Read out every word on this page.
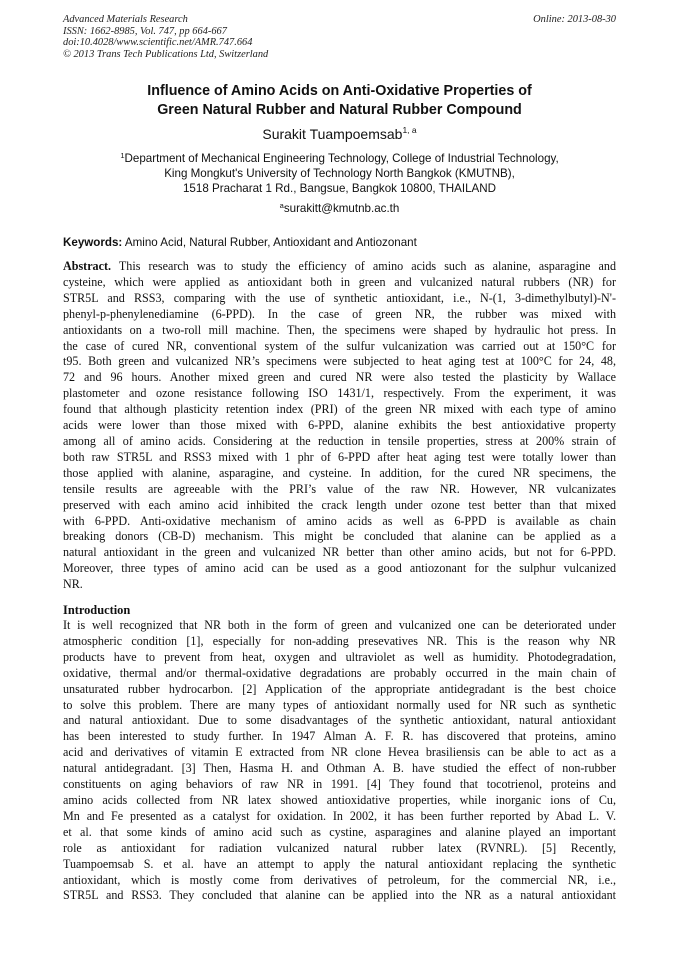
Advanced Materials Research
ISSN: 1662-8985, Vol. 747, pp 664-667
doi:10.4028/www.scientific.net/AMR.747.664
© 2013 Trans Tech Publications Ltd, Switzerland
Online: 2013-08-30
Influence of Amino Acids on Anti-Oxidative Properties of
Green Natural Rubber and Natural Rubber Compound
Surakit Tuampoemsab$^{1, a}$
$^1$Department of Mechanical Engineering Technology, College of Industrial Technology,
King Mongkut's University of Technology North Bangkok (KMUTNB),
1518 Pracharat 1 Rd., Bangsue, Bangkok 10800, THAILAND
$^a$surakitt@kmutnb.ac.th
Keywords: Amino Acid, Natural Rubber, Antioxidant and Antiozonant
Abstract. This research was to study the efficiency of amino acids such as alanine, asparagine and
cysteine, which were applied as antioxidant both in green and vulcanized natural rubbers (NR) for
STR5L and RSS3, comparing with the use of synthetic antioxidant, i.e., N-(1, 3-dimethylbutyl)-N'-
phenyl-p-phenylenediamine (6-PPD). In the case of green NR, the rubber was mixed with
antioxidants on a two-roll mill machine. Then, the specimens were shaped by hydraulic hot press. In
the case of cured NR, conventional system of the sulfur vulcanization was carried out at 150°C for
t95. Both green and vulcanized NR’s specimens were subjected to heat aging test at 100°C for 24, 48,
72 and 96 hours. Another mixed green and cured NR were also tested the plasticity by Wallace
plastometer and ozone resistance following ISO 1431/1, respectively. From the experiment, it was
found that although plasticity retention index (PRI) of the green NR mixed with each type of amino
acids were lower than those mixed with 6-PPD, alanine exhibits the best antioxidative property
among all of amino acids. Considering at the reduction in tensile properties, stress at 200% strain of
both raw STR5L and RSS3 mixed with 1 phr of 6-PPD after heat aging test were totally lower than
those applied with alanine, asparagine, and cysteine. In addition, for the cured NR specimens, the
tensile results are agreeable with the PRI’s value of the raw NR. However, NR vulcanizates
preserved with each amino acid inhibited the crack length under ozone test better than that mixed
with 6-PPD. Anti-oxidative mechanism of amino acids as well as 6-PPD is available as chain
breaking donors (CB-D) mechanism. This might be concluded that alanine can be applied as a
natural antioxidant in the green and vulcanized NR better than other amino acids, but not for 6-PPD.
Moreover, three types of amino acid can be used as a good antiozonant for the sulphur vulcanized
NR.
Introduction
It is well recognized that NR both in the form of green and vulcanized one can be deteriorated under
atmospheric condition [1], especially for non-adding presevatives NR. This is the reason why NR
products have to prevent from heat, oxygen and ultraviolet as well as humidity. Photodegradation,
oxidative, thermal and/or thermal-oxidative degradations are probably occurred in the main chain of
unsaturated rubber hydrocarbon. [2] Application of the appropriate antidegradant is the best choice
to solve this problem. There are many types of antioxidant normally used for NR such as synthetic
and natural antioxidant. Due to some disadvantages of the synthetic antioxidant, natural antioxidant
has been interested to study further. In 1947 Alman A. F. R. has discovered that proteins, amino
acid and derivatives of vitamin E extracted from NR clone Hevea brasiliensis can be able to act as a
natural antidegradant. [3] Then, Hasma H. and Othman A. B. have studied the effect of non-rubber
constituents on aging behaviors of raw NR in 1991. [4] They found that tocotrienol, proteins and
amino acids collected from NR latex showed antioxidative properties, while inorganic ions of Cu,
Mn and Fe presented as a catalyst for oxidation. In 2002, it has been further reported by Abad L. V.
et al. that some kinds of amino acid such as cystine, asparagines and alanine played an important
role as antioxidant for radiation vulcanized natural rubber latex (RVNRL). [5] Recently,
Tuampoemsab S. et al. have an attempt to apply the natural antioxidant replacing the synthetic
antioxidant, which is mostly come from derivatives of petroleum, for the commercial NR, i.e.,
STR5L and RSS3. They concluded that alanine can be applied into the NR as a natural antioxidant
